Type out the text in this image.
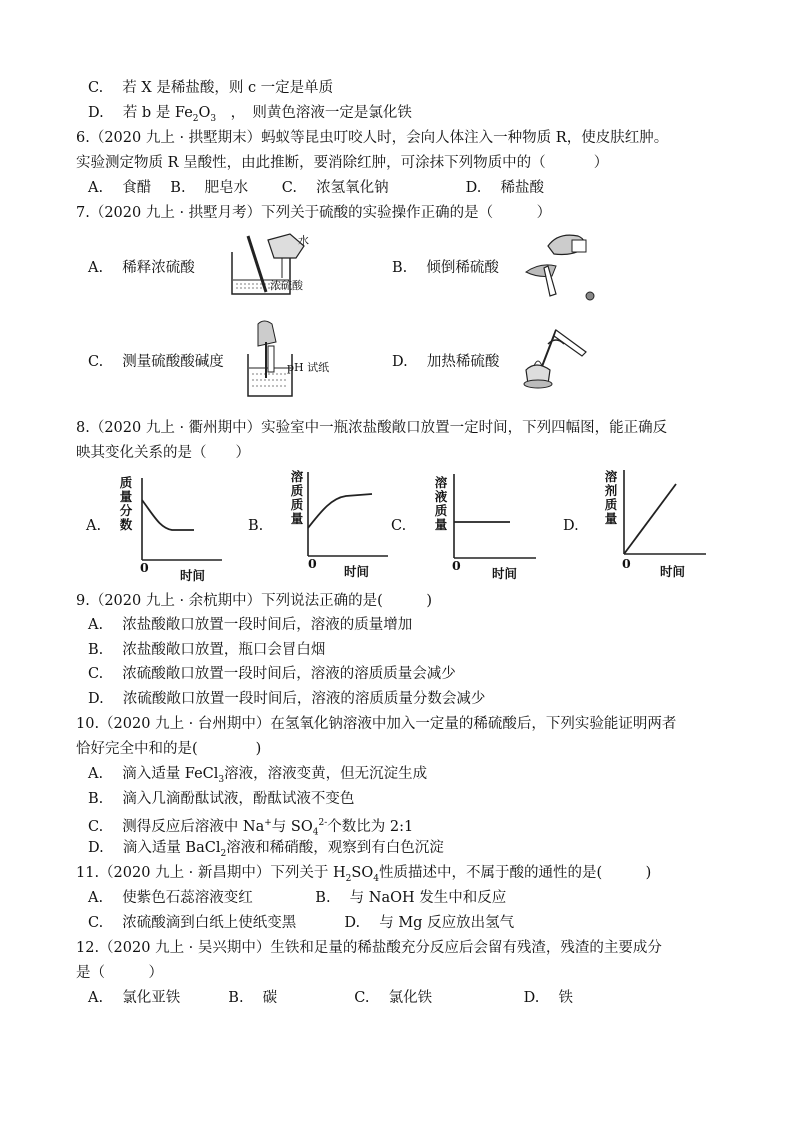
C.　 若 X 是稀盐酸，则 c 一定是单质
D.　 若 b 是 $Fe_2O_3$　，　则黄色溶液一定是氯化铁
6.（2020 九上 · 拱墅期末）蚂蚁等昆虫叮咬人时，会向人体注入一种物质 R，使皮肤红肿。
实验测定物质 R 呈酸性，由此推断，要消除红肿，可涂抹下列物质中的（　　　 ）
A.　 食醋　 B.　 肥皂水　　 C.　 浓氢氧化钠　　　　　 D.　 稀盐酸
7.（2020 九上 · 拱墅月考）下列关于硫酸的实验操作正确的是（　　　）
A.　 稀释浓硫酸	B.　 倾倒稀硫酸
C.　 测量硫酸酸碱度	D.　 加热稀硫酸
水
浓硫酸
pH 试纸
8.（2020 九上 · 衢州期中）实验室中一瓶浓盐酸敞口放置一定时间，下列四幅图，能正确反
映其变化关系的是（　　）
A.
质
量
分
数
0
时间
B.
溶
质
质
量
0
时间
C.
溶
液
质
量
0
时间
D.
溶
剂
质
量
0
时间
9.（2020 九上 · 余杭期中）下列说法正确的是(　　　)
A.　 浓盐酸敞口放置一段时间后，溶液的质量增加
B.　 浓盐酸敞口放置，瓶口会冒白烟
C.　 浓硫酸敞口放置一段时间后，溶液的溶质质量会减少
D.　 浓硫酸敞口放置一段时间后，溶液的溶质质量分数会减少
10.（2020 九上 · 台州期中）在氢氧化钠溶液中加入一定量的稀硫酸后，下列实验能证明两者
恰好完全中和的是(　　　　)
A.　 滴入适量 FeCl$_3$溶液，溶液变黄，但无沉淀生成
B.　 滴入几滴酚酞试液，酚酞试液不变色
C.　 测得反应后溶液中 Na+与 $SO_4^{2-}$个数比为 2:1
D.　 滴入适量 BaCl$_2$溶液和稀硝酸，观察到有白色沉淀
11.（2020 九上 · 新昌期中）下列关于 $H_2SO_4$性质描述中，不属于酸的通性的是(　　　)
A.　 使紫色石蕊溶液变红　　　　 B.　 与 NaOH 发生中和反应
C.　 浓硫酸滴到白纸上使纸变黑　　　 D.　 与 Mg 反应放出氢气
12.（2020 九上 · 吴兴期中）生铁和足量的稀盐酸充分反应后会留有残渣，残渣的主要成分
是（　　　）
A.　 氯化亚铁　　　 B.　 碳　　　　　 C.　 氯化铁　　　　　　 D.　 铁
